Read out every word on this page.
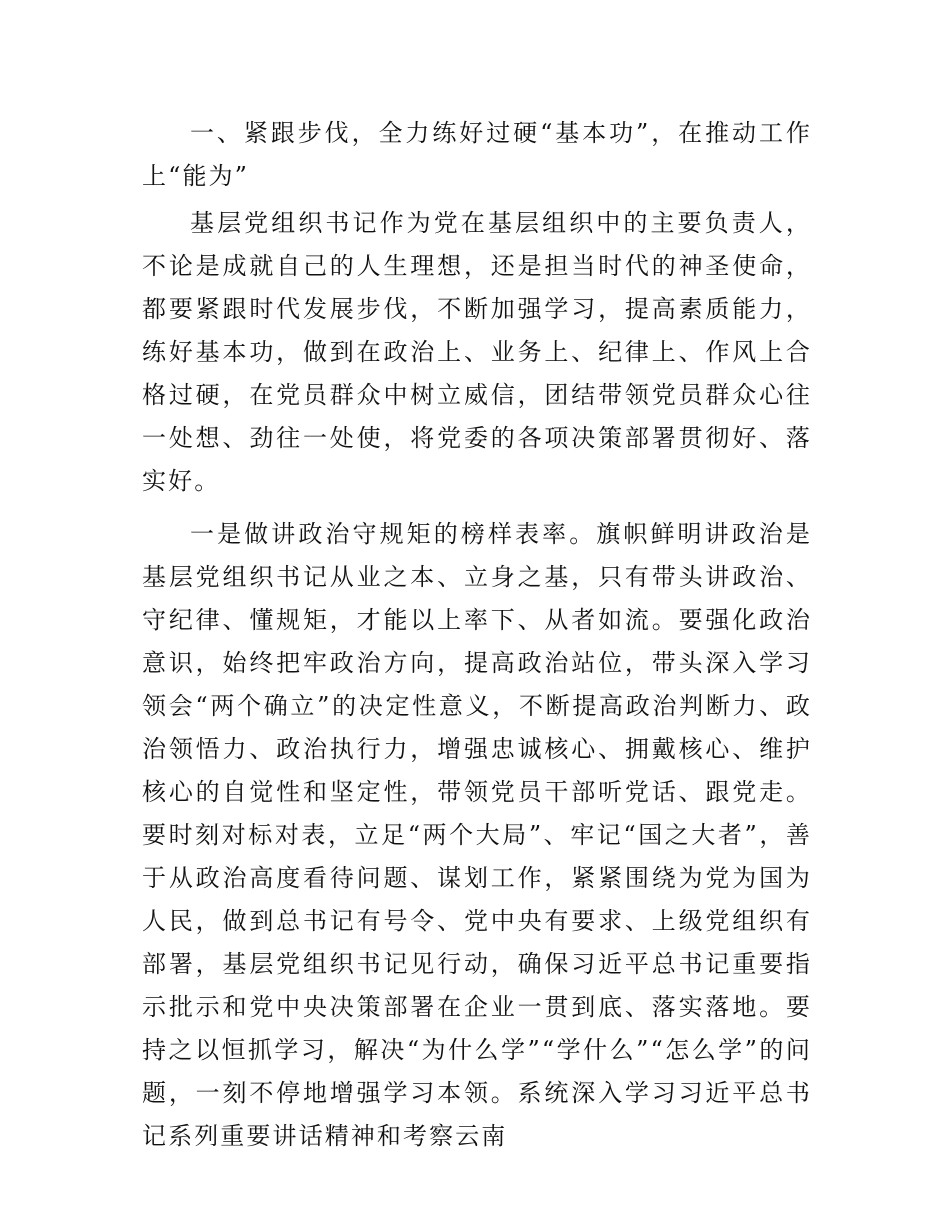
一、紧跟步伐，全力练好过硬“基本功”，在推动工作上“能为”

基层党组织书记作为党在基层组织中的主要负责人，不论是成就自己的人生理想，还是担当时代的神圣使命，都要紧跟时代发展步伐，不断加强学习，提高素质能力，练好基本功，做到在政治上、业务上、纪律上、作风上合格过硬，在党员群众中树立威信，团结带领党员群众心往一处想、劲往一处使，将党委的各项决策部署贯彻好、落实好。

一是做讲政治守规矩的榜样表率。旗帜鲜明讲政治是基层党组织书记从业之本、立身之基，只有带头讲政治、守纪律、懂规矩，才能以上率下、从者如流。要强化政治意识，始终把牢政治方向，提高政治站位，带头深入学习领会“两个确立”的决定性意义，不断提高政治判断力、政治领悟力、政治执行力，增强忠诚核心、拥戴核心、维护核心的自觉性和坚定性，带领党员干部听党话、跟党走。要时刻对标对表，立足“两个大局”、牢记“国之大者”，善于从政治高度看待问题、谋划工作，紧紧围绕为党为国为人民，做到总书记有号令、党中央有要求、上级党组织有部署，基层党组织书记见行动，确保习近平总书记重要指示批示和党中央决策部署在企业一贯到底、落实落地。要持之以恒抓学习，解决“为什么学”“学什么”“怎么学”的问题，一刻不停地增强学习本领。系统深入学习习近平总书记系列重要讲话精神和考察云南
